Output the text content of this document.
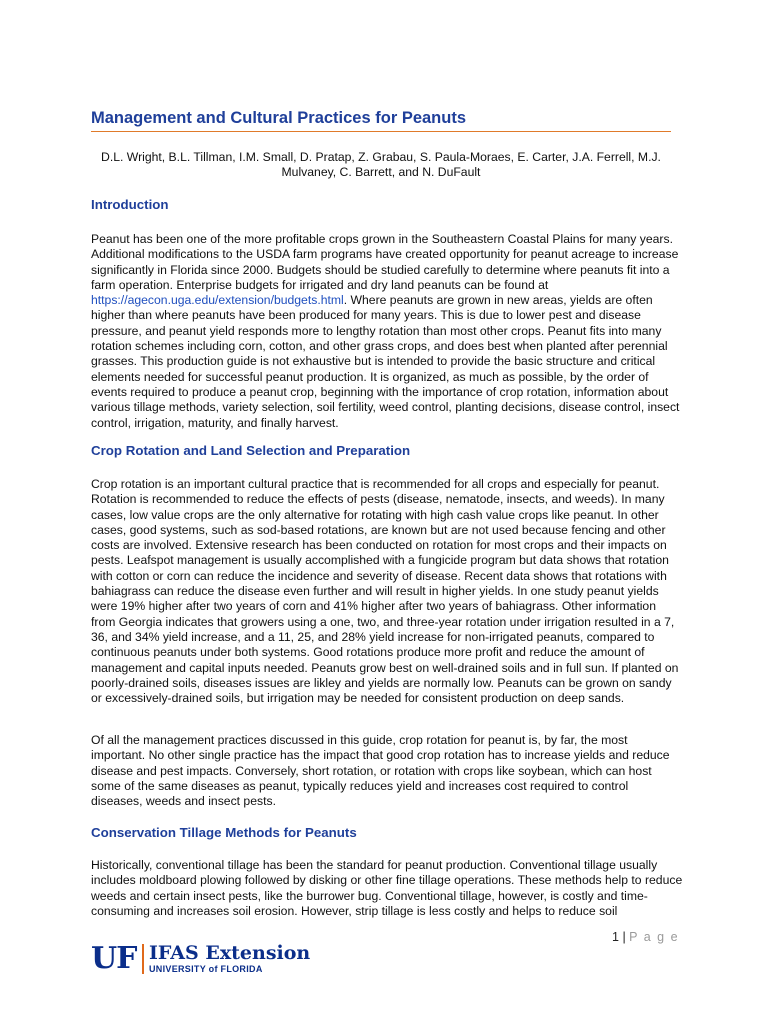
Management and Cultural Practices for Peanuts
D.L. Wright, B.L. Tillman, I.M. Small, D. Pratap, Z. Grabau, S. Paula-Moraes, E. Carter, J.A. Ferrell, M.J. Mulvaney, C. Barrett, and N. DuFault
Introduction

Peanut has been one of the more profitable crops grown in the Southeastern Coastal Plains for many years. Additional modifications to the USDA farm programs have created opportunity for peanut acreage to increase significantly in Florida since 2000. Budgets should be studied carefully to determine where peanuts fit into a farm operation. Enterprise budgets for irrigated and dry land peanuts can be found at https://agecon.uga.edu/extension/budgets.html. Where peanuts are grown in new areas, yields are often higher than where peanuts have been produced for many years. This is due to lower pest and disease pressure, and peanut yield responds more to lengthy rotation than most other crops. Peanut fits into many rotation schemes including corn, cotton, and other grass crops, and does best when planted after perennial grasses. This production guide is not exhaustive but is intended to provide the basic structure and critical elements needed for successful peanut production. It is organized, as much as possible, by the order of events required to produce a peanut crop, beginning with the importance of crop rotation, information about various tillage methods, variety selection, soil fertility, weed control, planting decisions, disease control, insect control, irrigation, maturity, and finally harvest.

Crop Rotation and Land Selection and Preparation

Crop rotation is an important cultural practice that is recommended for all crops and especially for peanut. Rotation is recommended to reduce the effects of pests (disease, nematode, insects, and weeds). In many cases, low value crops are the only alternative for rotating with high cash value crops like peanut. In other cases, good systems, such as sod-based rotations, are known but are not used because fencing and other costs are involved. Extensive research has been conducted on rotation for most crops and their impacts on pests. Leafspot management is usually accomplished with a fungicide program but data shows that rotation with cotton or corn can reduce the incidence and severity of disease. Recent data shows that rotations with bahiagrass can reduce the disease even further and will result in higher yields. In one study peanut yields were 19% higher after two years of corn and 41% higher after two years of bahiagrass. Other information from Georgia indicates that growers using a one, two, and three-year rotation under irrigation resulted in a 7, 36, and 34% yield increase, and a 11, 25, and 28% yield increase for non-irrigated peanuts, compared to continuous peanuts under both systems. Good rotations produce more profit and reduce the amount of management and capital inputs needed. Peanuts grow best on well-drained soils and in full sun. If planted on poorly-drained soils, diseases issues are likley and yields are normally low. Peanuts can be grown on sandy or excessively-drained soils, but irrigation may be needed for consistent production on deep sands.

Of all the management practices discussed in this guide, crop rotation for peanut is, by far, the most important. No other single practice has the impact that good crop rotation has to increase yields and reduce disease and pest impacts. Conversely, short rotation, or rotation with crops like soybean, which can host some of the same diseases as peanut, typically reduces yield and increases cost required to control diseases, weeds and insect pests.

Conservation Tillage Methods for Peanuts

Historically, conventional tillage has been the standard for peanut production. Conventional tillage usually includes moldboard plowing followed by disking or other fine tillage operations. These methods help to reduce weeds and certain insect pests, like the burrower bug. Conventional tillage, however, is costly and time-consuming and increases soil erosion. However, strip tillage is less costly and helps to reduce soil

1 | P a g e
UF IFAS Extension
UNIVERSITY of FLORIDA
